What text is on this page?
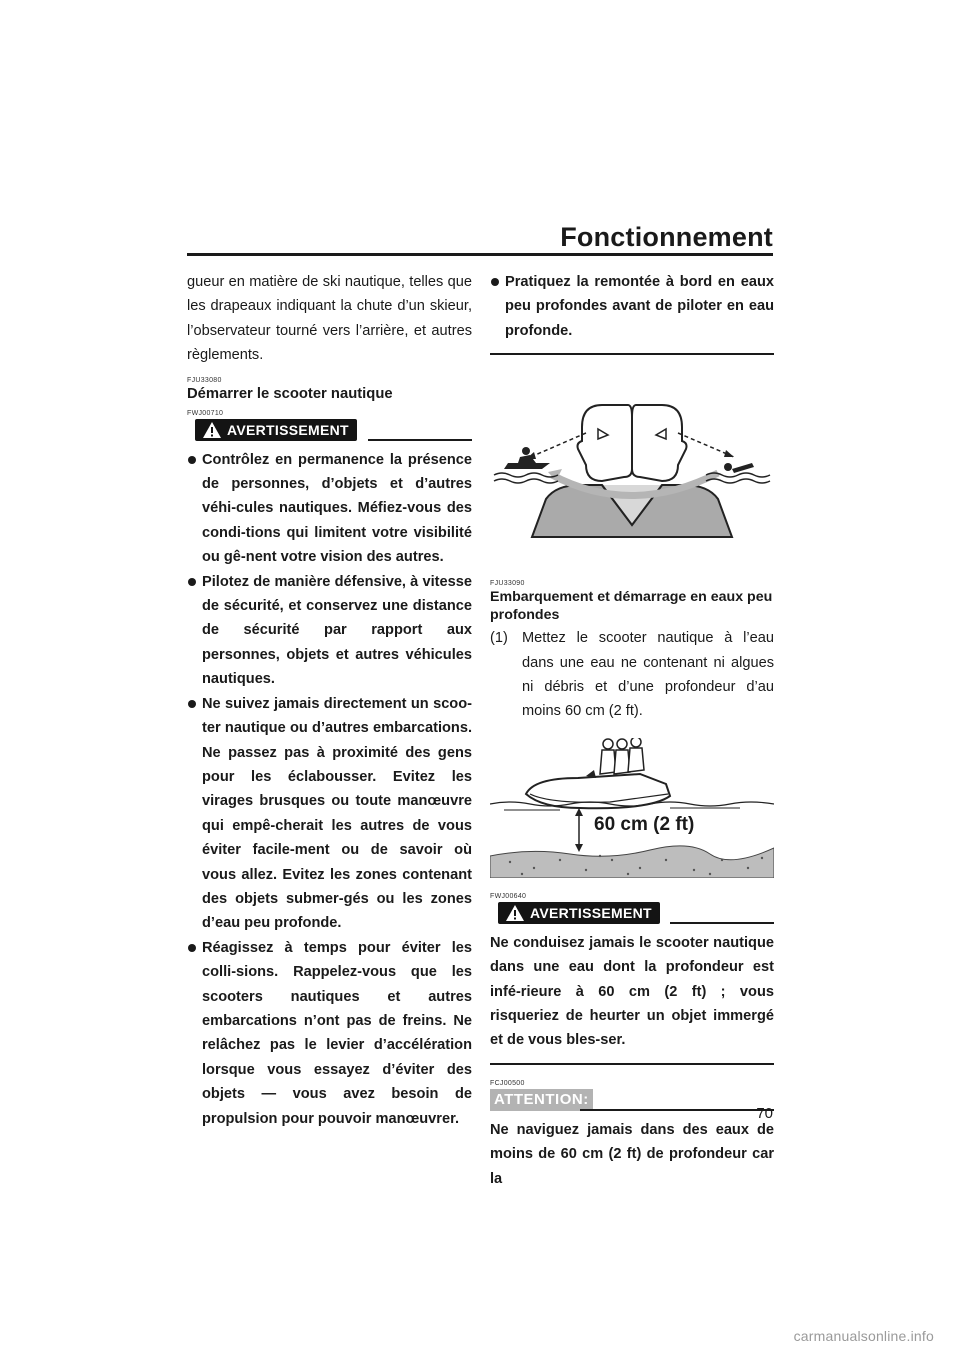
Fonctionnement

gueur en matière de ski nautique, telles que les drapeaux indiquant la chute d’un skieur, l’observateur tourné vers l’arrière, et autres règlements.

FJU33080
Démarrer le scooter nautique
FWJ00710
AVERTISSEMENT
Contrôlez en permanence la présence de personnes, d’objets et d’autres véhi-cules nautiques. Méfiez-vous des condi-tions qui limitent votre visibilité ou gê-nent votre vision des autres.
Pilotez de manière défensive, à vitesse de sécurité, et conservez une distance de sécurité par rapport aux personnes, objets et autres véhicules nautiques.
Ne suivez jamais directement un scoo-ter nautique ou d’autres embarcations. Ne passez pas à proximité des gens pour les éclabousser. Evitez les virages brusques ou toute manœuvre qui empê-cherait les autres de vous éviter facile-ment ou de savoir où vous allez. Evitez les zones contenant des objets submer-gés ou les zones d’eau peu profonde.
Réagissez à temps pour éviter les colli-sions. Rappelez-vous que les scooters nautiques et autres embarcations n’ont pas de freins. Ne relâchez pas le levier d’accélération lorsque vous essayez d’éviter des objets — vous avez besoin de propulsion pour pouvoir manœuvrer.
Pratiquez la remontée à bord en eaux peu profondes avant de piloter en eau profonde.
FJU33090
Embarquement et démarrage en eaux peu profondes

(1) Mettez le scooter nautique à l’eau dans une eau ne contenant ni algues ni débris et d’une profondeur d’au moins 60 cm (2 ft).

60 cm (2 ft)
FWJ00640
AVERTISSEMENT

Ne conduisez jamais le scooter nautique dans une eau dont la profondeur est infé-rieure à 60 cm (2 ft) ; vous risqueriez de heurter un objet immergé et de vous bles-ser.

FCJ00500
ATTENTION:

Ne naviguez jamais dans des eaux de moins de 60 cm (2 ft) de profondeur car la

70
carmanualsonline.info
